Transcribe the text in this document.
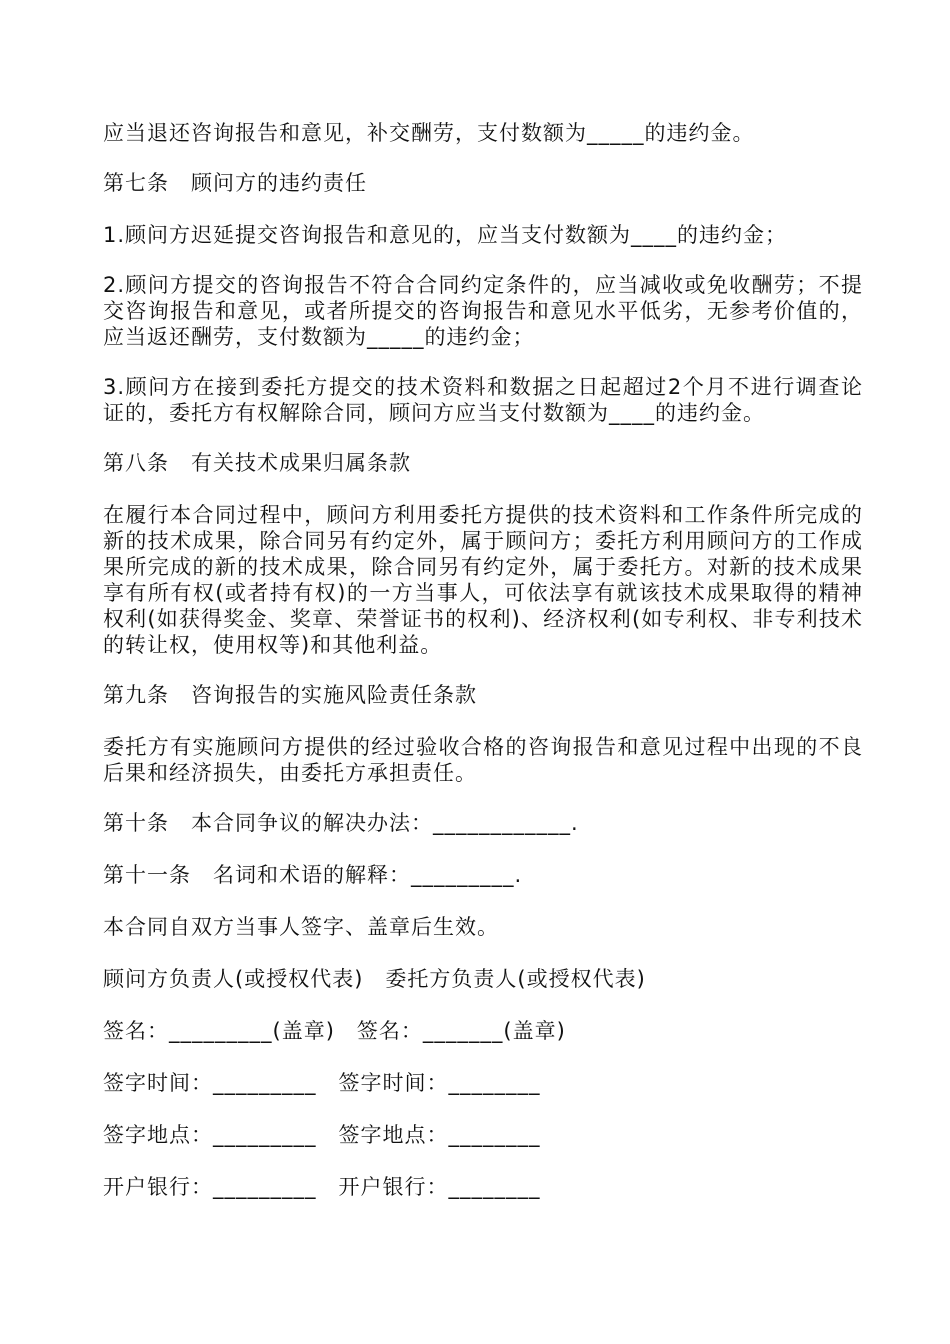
应当退还咨询报告和意见，补交酬劳，支付数额为_____的违约金。

第七条　顾问方的违约责任

1.顾问方迟延提交咨询报告和意见的，应当支付数额为____的违约金；

2.顾问方提交的咨询报告不符合合同约定条件的，应当减收或免收酬劳；不提交咨询报告和意见，或者所提交的咨询报告和意见水平低劣，无参考价值的，应当返还酬劳，支付数额为_____的违约金；

3.顾问方在接到委托方提交的技术资料和数据之日起超过2个月不进行调查论证的，委托方有权解除合同，顾问方应当支付数额为____的违约金。

第八条　有关技术成果归属条款

在履行本合同过程中，顾问方利用委托方提供的技术资料和工作条件所完成的新的技术成果，除合同另有约定外，属于顾问方；委托方利用顾问方的工作成果所完成的新的技术成果，除合同另有约定外，属于委托方。对新的技术成果享有所有权(或者持有权)的一方当事人，可依法享有就该技术成果取得的精神权利(如获得奖金、奖章、荣誉证书的权利)、经济权利(如专利权、非专利技术的转让权，使用权等)和其他利益。

第九条　咨询报告的实施风险责任条款

委托方有实施顾问方提供的经过验收合格的咨询报告和意见过程中出现的不良后果和经济损失，由委托方承担责任。

第十条　本合同争议的解决办法：____________.

第十一条　名词和术语的解释：_________.

本合同自双方当事人签字、盖章后生效。

顾问方负责人(或授权代表)　委托方负责人(或授权代表)

签名：_________(盖章)　签名：_______(盖章)

签字时间：_________　签字时间：________

签字地点：_________　签字地点：________

开户银行：_________　开户银行：________
